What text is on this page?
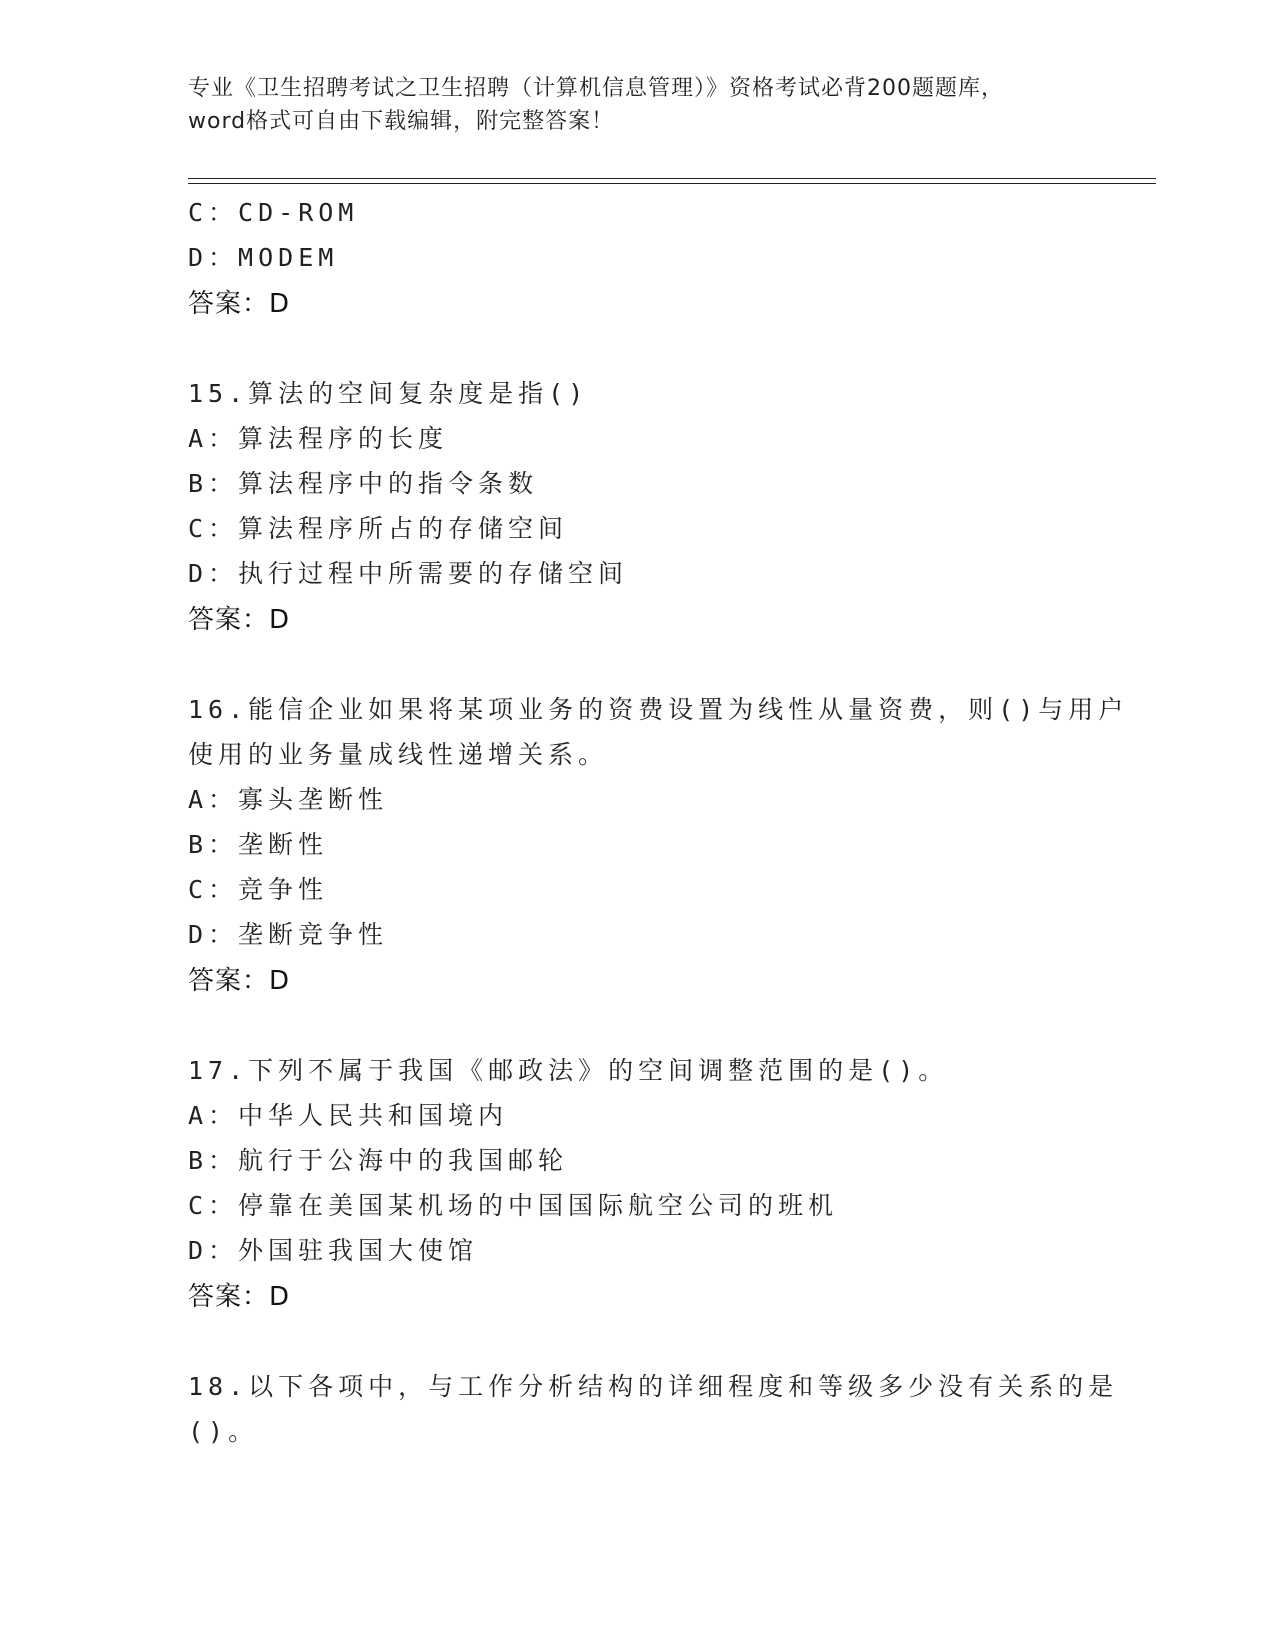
专业《卫生招聘考试之卫生招聘（计算机信息管理）》资格考试必背200题题库，
word格式可自由下载编辑，附完整答案！
C：CD-ROM
D：MODEM
答案：D
15.算法的空间复杂度是指()
A：算法程序的长度
B：算法程序中的指令条数
C：算法程序所占的存储空间
D：执行过程中所需要的存储空间
答案：D
16.能信企业如果将某项业务的资费设置为线性从量资费，则()与用户
使用的业务量成线性递增关系。
A：寡头垄断性
B：垄断性
C：竞争性
D：垄断竞争性
答案：D
17.下列不属于我国《邮政法》的空间调整范围的是()。
A：中华人民共和国境内
B：航行于公海中的我国邮轮
C：停靠在美国某机场的中国国际航空公司的班机
D：外国驻我国大使馆
答案：D
18.以下各项中，与工作分析结构的详细程度和等级多少没有关系的是
()。
